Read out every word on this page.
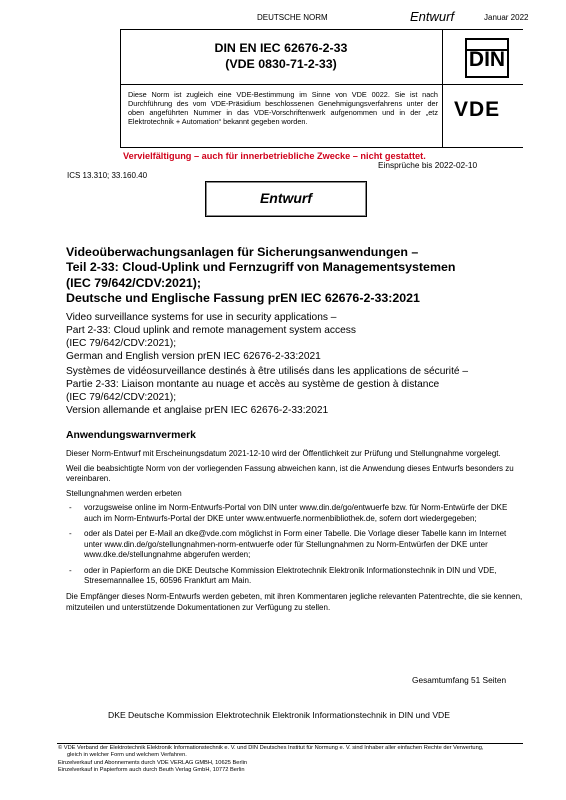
DEUTSCHE NORM	Entwurf	Januar 2022
DIN EN IEC 62676-2-33
(VDE 0830-71-2-33)	DIN
Diese Norm ist zugleich eine VDE-Bestimmung im Sinne von VDE 0022. Sie ist nach Durchführung des vom VDE-Präsidium beschlossenen Genehmigungsverfahrens unter der oben angeführten Nummer in das VDE-Vorschriftenwerk aufgenommen und in der „etz Elektrotechnik + Automation“ bekannt gegeben worden.
VDE
Vervielfältigung – auch für innerbetriebliche Zwecke – nicht gestattet.
Einsprüche bis 2022-02-10
ICS 13.310; 33.160.40
Entwurf
Videoüberwachungsanlagen für Sicherungsanwendungen –
Teil 2-33: Cloud-Uplink und Fernzugriff von Managementsystemen
(IEC 79/642/CDV:2021);
Deutsche und Englische Fassung prEN IEC 62676-2-33:2021
Video surveillance systems for use in security applications –
Part 2-33: Cloud uplink and remote management system access
(IEC 79/642/CDV:2021);
German and English version prEN IEC 62676-2-33:2021
Systèmes de vidéosurveillance destinés à être utilisés dans les applications de sécurité –
Partie 2-33: Liaison montante au nuage et accès au système de gestion à distance
(IEC 79/642/CDV:2021);
Version allemande et anglaise prEN IEC 62676-2-33:2021
Anwendungswarnvermerk
Dieser Norm-Entwurf mit Erscheinungsdatum 2021-12-10 wird der Öffentlichkeit zur Prüfung und Stellungnahme vorgelegt.
Weil die beabsichtigte Norm von der vorliegenden Fassung abweichen kann, ist die Anwendung dieses Entwurfs besonders zu vereinbaren.
Stellungnahmen werden erbeten
- vorzugsweise online im Norm-Entwurfs-Portal von DIN unter www.din.de/go/entwuerfe bzw. für Norm-Entwürfe der DKE auch im Norm-Entwurfs-Portal der DKE unter www.entwuerfe.normenbibliothek.de, sofern dort wiedergegeben;
- oder als Datei per E-Mail an dke@vde.com möglichst in Form einer Tabelle. Die Vorlage dieser Tabelle kann im Internet unter www.din.de/go/stellungnahmen-norm-entwuerfe oder für Stellungnahmen zu Norm-Entwürfen der DKE unter www.dke.de/stellungnahme abgerufen werden;
- oder in Papierform an die DKE Deutsche Kommission Elektrotechnik Elektronik Informationstechnik in DIN und VDE, Stresemannallee 15, 60596 Frankfurt am Main.
Die Empfänger dieses Norm-Entwurfs werden gebeten, mit ihren Kommentaren jegliche relevanten Patentrechte, die sie kennen, mitzuteilen und unterstützende Dokumentationen zur Verfügung zu stellen.
Gesamtumfang 51 Seiten
DKE Deutsche Kommission Elektrotechnik Elektronik Informationstechnik in DIN und VDE
© VDE Verband der Elektrotechnik Elektronik Informationstechnik e. V. und DIN Deutsches Institut für Normung e. V. sind Inhaber aller einfachen Rechte der Verwertung,
gleich in welcher Form und welchem Verfahren.
Einzelverkauf und Abonnements durch VDE VERLAG GMBH, 10625 Berlin
Einzelverkauf in Papierform auch durch Beuth Verlag GmbH, 10772 Berlin
